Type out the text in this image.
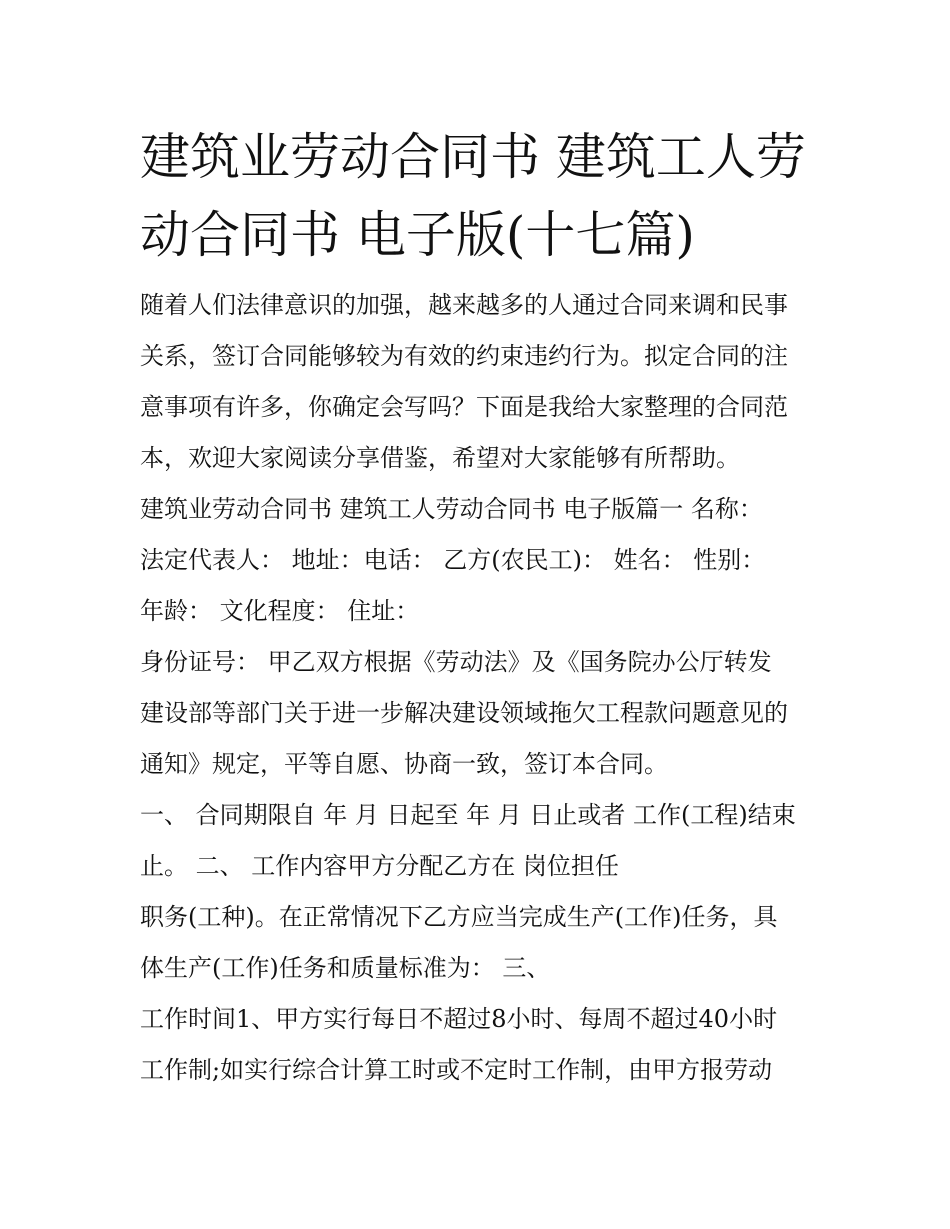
建筑业劳动合同书 建筑工人劳动合同书 电子版(十七篇)
随着人们法律意识的加强，越来越多的人通过合同来调和民事
关系，签订合同能够较为有效的约束违约行为。拟定合同的注
意事项有许多，你确定会写吗？下面是我给大家整理的合同范
本，欢迎大家阅读分享借鉴，希望对大家能够有所帮助。
建筑业劳动合同书 建筑工人劳动合同书 电子版篇一 名称：
法定代表人： 地址：电话： 乙方(农民工)： 姓名： 性别：
年龄： 文化程度： 住址：
身份证号： 甲乙双方根据《劳动法》及《国务院办公厅转发
建设部等部门关于进一步解决建设领域拖欠工程款问题意见的
通知》规定，平等自愿、协商一致，签订本合同。
一、 合同期限自 年 月 日起至 年 月 日止或者 工作(工程)结束
止。 二、 工作内容甲方分配乙方在 岗位担任
职务(工种)。在正常情况下乙方应当完成生产(工作)任务，具
体生产(工作)任务和质量标准为： 三、
工作时间1、甲方实行每日不超过8小时、每周不超过40小时
工作制;如实行综合计算工时或不定时工作制，由甲方报劳动
